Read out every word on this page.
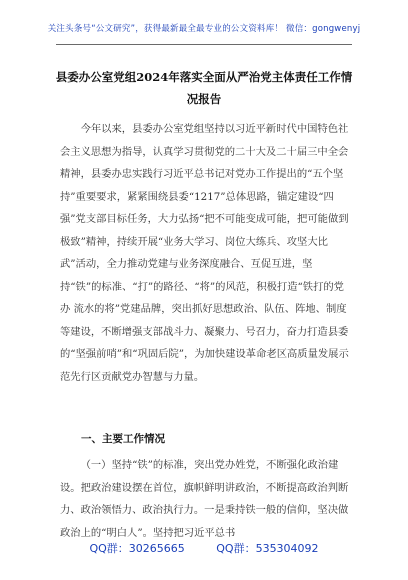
关注头条号“公文研究”，获得最新最全最专业的公文资料库！ 微信：gongwenyj
县委办公室党组2024年落实全面从严治党主体责任工作情况报告

今年以来，县委办公室党组坚持以习近平新时代中国特色社会主义思想为指导，认真学习贯彻党的二十大及二十届三中全会精神，县委办忠实践行习近平总书记对党办工作提出的“五个坚持”重要要求，紧紧围绕县委“1217”总体思路，锚定建设“四强”党支部目标任务，大力弘扬“把不可能变成可能，把可能做到极致”精神，持续开展“业务大学习、岗位大练兵、攻坚大比武”活动，全力推动党建与业务深度融合、互促互进，坚持“铁”的标准、“打”的路径、“将”的风范，积极打造“铁打的党办 流水的将”党建品牌，突出抓好思想政治、队伍、阵地、制度等建设，不断增强支部战斗力、凝聚力、号召力，奋力打造县委的“坚强前哨”和“巩固后院”，为加快建设革命老区高质量发展示范先行区贡献党办智慧与力量。

一、主要工作情况

（一）坚持“铁”的标准，突出党办姓党，不断强化政治建设。把政治建设摆在首位，旗帜鲜明讲政治，不断提高政治判断力、政治领悟力、政治执行力。一是秉持铁一般的信仰，坚决做政治上的“明白人”。坚持把习近平总书

QQ群：30265665	QQ群：535304092
